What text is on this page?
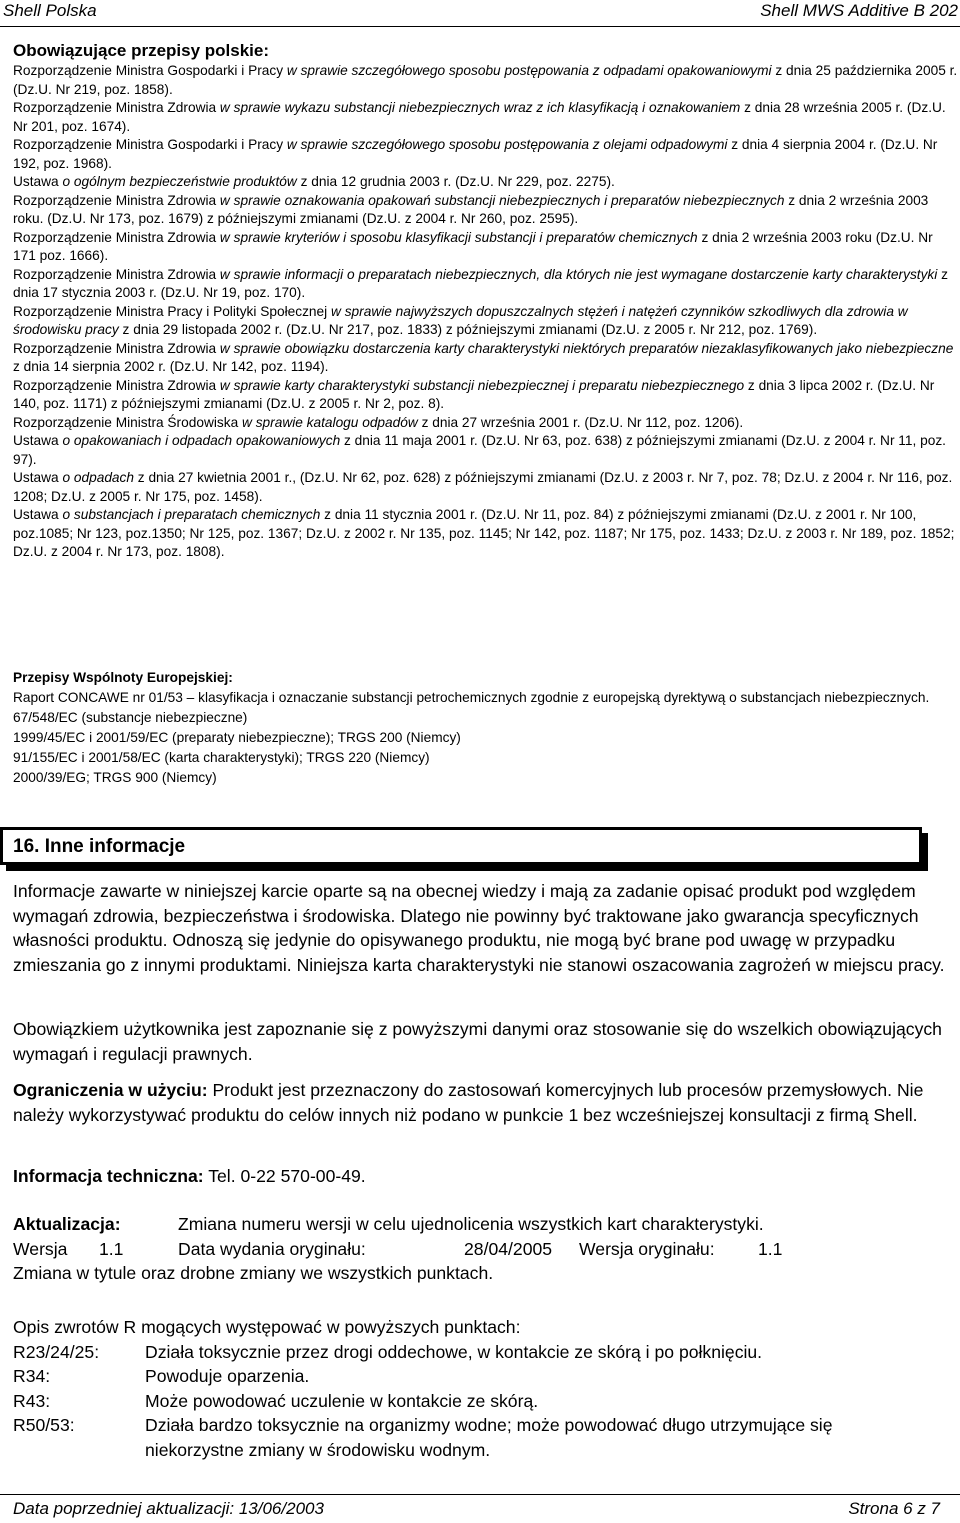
Shell Polska	Shell MWS Additive B 202
Obowiązujące przepisy polskie:

Rozporządzenie Ministra Gospodarki i Pracy w sprawie szczegółowego sposobu postępowania z odpadami opakowaniowymi z dnia 25 października 2005 r. (Dz.U. Nr 219, poz. 1858).

Rozporządzenie Ministra Zdrowia w sprawie wykazu substancji niebezpiecznych wraz z ich klasyfikacją i oznakowaniem z dnia 28 września 2005 r. (Dz.U. Nr 201, poz. 1674).

Rozporządzenie Ministra Gospodarki i Pracy w sprawie szczegółowego sposobu postępowania z olejami odpadowymi z dnia 4 sierpnia 2004 r. (Dz.U. Nr 192, poz. 1968).

Ustawa o ogólnym bezpieczeństwie produktów z dnia 12 grudnia 2003 r. (Dz.U. Nr 229, poz. 2275).

Rozporządzenie Ministra Zdrowia w sprawie oznakowania opakowań substancji niebezpiecznych i preparatów niebezpiecznych z dnia 2 września 2003 roku. (Dz.U. Nr 173, poz. 1679) z późniejszymi zmianami (Dz.U. z 2004 r. Nr 260, poz. 2595).

Rozporządzenie Ministra Zdrowia w sprawie kryteriów i sposobu klasyfikacji substancji i preparatów chemicznych z dnia 2 września 2003 roku (Dz.U. Nr 171 poz. 1666).

Rozporządzenie Ministra Zdrowia w sprawie informacji o preparatach niebezpiecznych, dla których nie jest wymagane dostarczenie karty charakterystyki z dnia 17 stycznia 2003 r. (Dz.U. Nr 19, poz. 170).

Rozporządzenie Ministra Pracy i Polityki Społecznej w sprawie najwyższych dopuszczalnych stężeń i natężeń czynników szkodliwych dla zdrowia w środowisku pracy z dnia 29 listopada 2002 r. (Dz.U. Nr 217, poz. 1833) z późniejszymi zmianami (Dz.U. z 2005 r. Nr 212, poz. 1769).

Rozporządzenie Ministra Zdrowia w sprawie obowiązku dostarczenia karty charakterystyki niektórych preparatów niezaklasyfikowanych jako niebezpieczne z dnia 14 sierpnia 2002 r. (Dz.U. Nr 142, poz. 1194).

Rozporządzenie Ministra Zdrowia w sprawie karty charakterystyki substancji niebezpiecznej i preparatu niebezpiecznego z dnia 3 lipca 2002 r. (Dz.U. Nr 140, poz. 1171) z późniejszymi zmianami (Dz.U. z 2005 r. Nr 2, poz. 8).

Rozporządzenie Ministra Środowiska w sprawie katalogu odpadów z dnia 27 września 2001 r. (Dz.U. Nr 112, poz. 1206).

Ustawa o opakowaniach i odpadach opakowaniowych z dnia 11 maja 2001 r. (Dz.U. Nr 63, poz. 638) z późniejszymi zmianami (Dz.U. z 2004 r. Nr 11, poz. 97).

Ustawa o odpadach z dnia 27 kwietnia 2001 r., (Dz.U. Nr 62, poz. 628) z późniejszymi zmianami (Dz.U. z 2003 r. Nr 7, poz. 78; Dz.U. z 2004 r. Nr 116, poz. 1208; Dz.U. z 2005 r. Nr 175, poz. 1458).

Ustawa o substancjach i preparatach chemicznych z dnia 11 stycznia 2001 r. (Dz.U. Nr 11, poz. 84) z późniejszymi zmianami (Dz.U. z 2001 r. Nr 100, poz.1085; Nr 123, poz.1350; Nr 125, poz. 1367; Dz.U. z 2002 r. Nr 135, poz. 1145; Nr 142, poz. 1187; Nr 175, poz. 1433; Dz.U. z 2003 r. Nr 189, poz. 1852; Dz.U. z 2004 r. Nr 173, poz. 1808).

Przepisy Wspólnoty Europejskiej:

Raport CONCAWE nr 01/53 – klasyfikacja i oznaczanie substancji petrochemicznych zgodnie z europejską dyrektywą o substancjach niebezpiecznych.

67/548/EC (substancje niebezpieczne)

1999/45/EC i 2001/59/EC (preparaty niebezpieczne); TRGS 200 (Niemcy)

91/155/EC i 2001/58/EC (karta charakterystyki); TRGS 220 (Niemcy)

2000/39/EG; TRGS 900 (Niemcy)

16. Inne informacje

Informacje zawarte w niniejszej karcie oparte są na obecnej wiedzy i mają za zadanie opisać produkt pod względem wymagań zdrowia, bezpieczeństwa i środowiska. Dlatego nie powinny być traktowane jako gwarancja specyficznych własności produktu. Odnoszą się jedynie do opisywanego produktu, nie mogą być brane pod uwagę w przypadku zmieszania go z innymi produktami. Niniejsza karta charakterystyki nie stanowi oszacowania zagrożeń w miejscu pracy.

Obowiązkiem użytkownika jest zapoznanie się z powyższymi danymi oraz stosowanie się do wszelkich obowiązujących wymagań i regulacji prawnych.

Ograniczenia w użyciu: Produkt jest przeznaczony do zastosowań komercyjnych lub procesów przemysłowych. Nie należy wykorzystywać produktu do celów innych niż podano w punkcie 1 bez wcześniejszej konsultacji z firmą Shell.

Informacja techniczna: Tel. 0-22 570-00-49.

Aktualizacja:	Zmiana numeru wersji w celu ujednolicenia wszystkich kart charakterystyki.
Wersja 1.1	Data wydania oryginału:	28/04/2005 Wersja oryginału: 1.1
Zmiana w tytule oraz drobne zmiany we wszystkich punktach.
Opis zwrotów R mogących występować w powyższych punktach:
R23/24/25:	Działa toksycznie przez drogi oddechowe, w kontakcie ze skórą i po połknięciu.
R34:	Powoduje oparzenia.
R43:	Może powodować uczulenie w kontakcie ze skórą.
R50/53:	Działa bardzo toksycznie na organizmy wodne; może powodować długo utrzymujące się niekorzystne zmiany w środowisku wodnym.
Data poprzedniej aktualizacji: 13/06/2003	Strona 6 z 7
